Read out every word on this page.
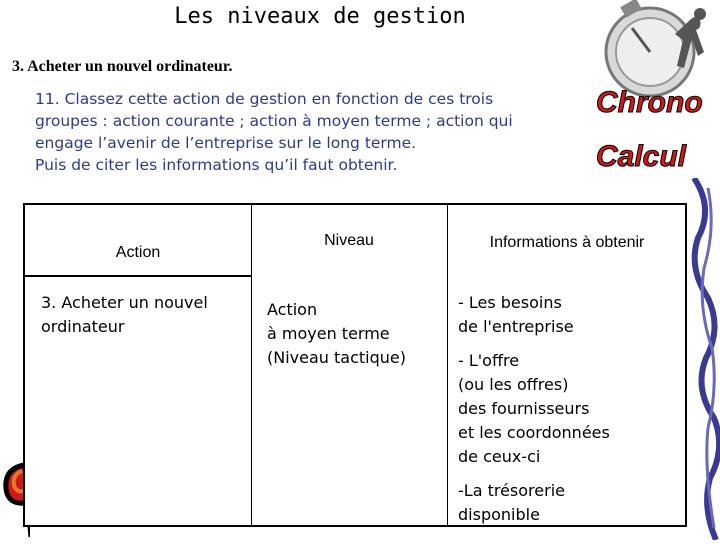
Les niveaux de gestion
3. Acheter un nouvel ordinateur.
11. Classez cette action de gestion en fonction de ces trois
groupes : action courante ; action à moyen terme ; action qui
engage l’avenir de l’entreprise sur le long terme.
Puis de citer les informations qu’il faut obtenir.
Chrono
Calcul
Action
Niveau	Informations à obtenir
3. Acheter un nouvel
ordinateur
Action
à moyen terme
(Niveau tactique)
- Les besoins
de l'entreprise
- L'offre
(ou les offres)
des fournisseurs
et les coordonnées
de ceux-ci
-La trésorerie
disponible
